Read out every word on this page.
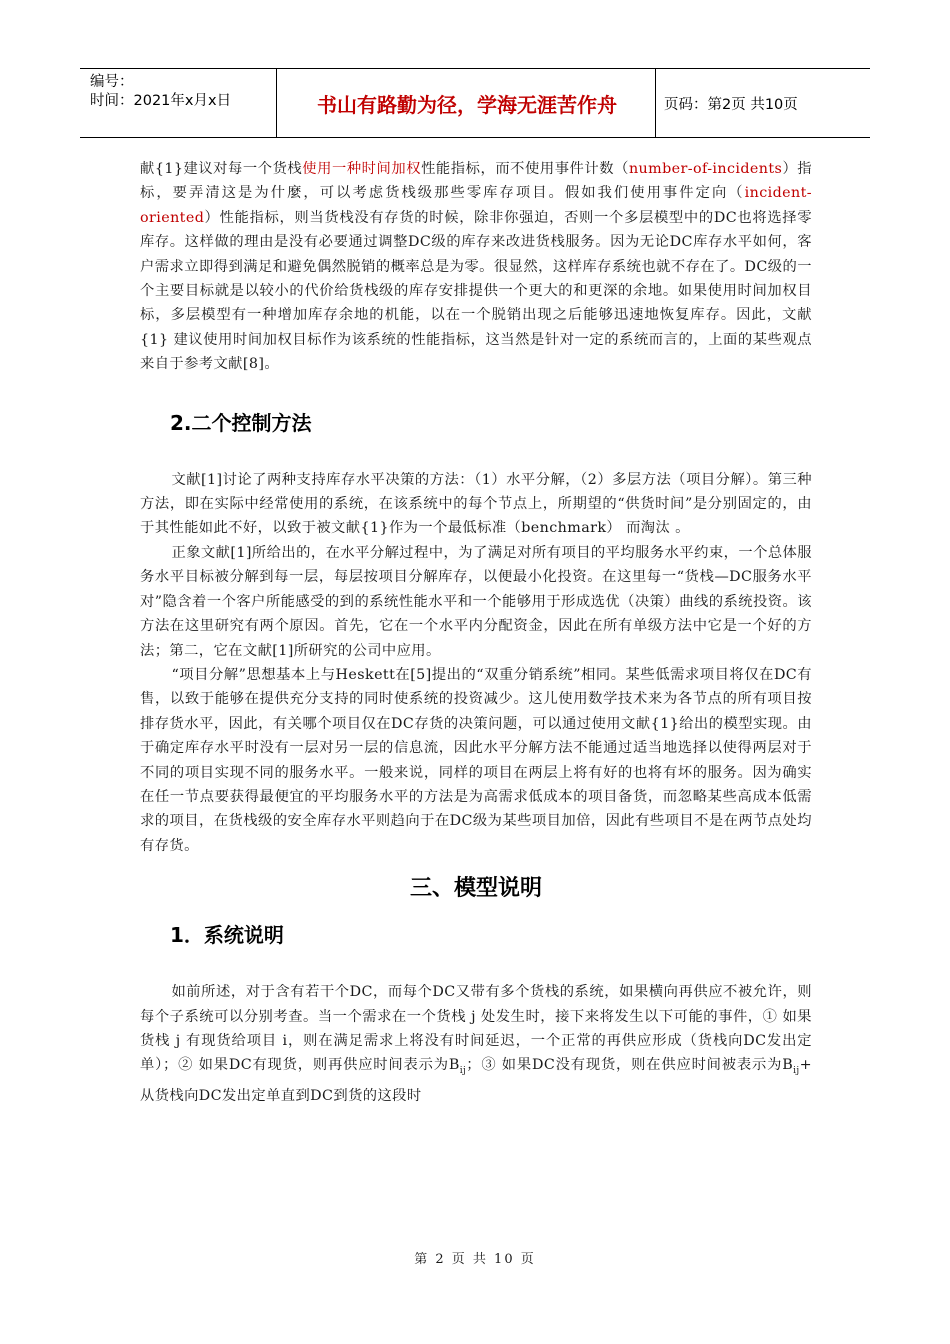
编号：
时间：2021年x月x日	书山有路勤为径，学海无涯苦作舟	页码：第2页 共10页

献{1}建议对每一个货栈使用一种时间加权性能指标，而不使用事件计数（number-of-incidents）指标，要弄清这是为什麼，可以考虑货栈级那些零库存项目。假如我们使用事件定向（incident-oriented）性能指标，则当货栈没有存货的时候，除非你强迫，否则一个多层模型中的DC也将选择零库存。这样做的理由是没有必要通过调整DC级的库存来改进货栈服务。因为无论DC库存水平如何，客户需求立即得到满足和避免偶然脱销的概率总是为零。很显然，这样库存系统也就不存在了。DC级的一个主要目标就是以较小的代价给货栈级的库存安排提供一个更大的和更深的余地。如果使用时间加权目标，多层模型有一种增加库存余地的机能，以在一个脱销出现之后能够迅速地恢复库存。因此，文献{1} 建议使用时间加权目标作为该系统的性能指标，这当然是针对一定的系统而言的，上面的某些观点来自于参考文献[8]。

2.二个控制方法

文献[1]讨论了两种支持库存水平决策的方法：（1）水平分解，（2）多层方法（项目分解）。第三种方法，即在实际中经常使用的系统，在该系统中的每个节点上，所期望的“供货时间”是分别固定的，由于其性能如此不好，以致于被文献{1}作为一个最低标准（benchmark） 而淘汰 。

正象文献[1]所给出的，在水平分解过程中，为了满足对所有项目的平均服务水平约束，一个总体服务水平目标被分解到每一层，每层按项目分解库存，以便最小化投资。在这里每一“货栈—DC服务水平对”隐含着一个客户所能感受的到的系统性能水平和一个能够用于形成选优（决策）曲线的系统投资。该方法在这里研究有两个原因。首先，它在一个水平内分配资金，因此在所有单级方法中它是一个好的方法；第二，它在文献[1]所研究的公司中应用。

“项目分解”思想基本上与Heskett在[5]提出的“双重分销系统”相同。某些低需求项目将仅在DC有售，以致于能够在提供充分支持的同时使系统的投资减少。这儿使用数学技术来为各节点的所有项目按排存货水平，因此，有关哪个项目仅在DC存货的决策问题，可以通过使用文献{1}给出的模型实现。由于确定库存水平时没有一层对另一层的信息流，因此水平分解方法不能通过适当地选择以使得两层对于不同的项目实现不同的服务水平。一般来说，同样的项目在两层上将有好的也将有坏的服务。因为确实在任一节点要获得最便宜的平均服务水平的方法是为高需求低成本的项目备货，而忽略某些高成本低需求的项目，在货栈级的安全库存水平则趋向于在DC级为某些项目加倍，因此有些项目不是在两节点处均有存货。

三、模型说明
1．系统说明

如前所述，对于含有若干个DC，而每个DC又带有多个货栈的系统，如果横向再供应不被允许，则每个子系统可以分别考查。当一个需求在一个货栈 j 处发生时，接下来将发生以下可能的事件，① 如果货栈 j 有现货给项目 i，则在满足需求上将没有时间延迟，一个正常的再供应形成（货栈向DC发出定单）；② 如果DC有现货，则再供应时间表示为$B_{ij}$；③ 如果DC没有现货，则在供应时间被表示为$B_{ij}+$ 从货栈向DC发出定单直到DC到货的这段时

第 2 页 共 10 页
